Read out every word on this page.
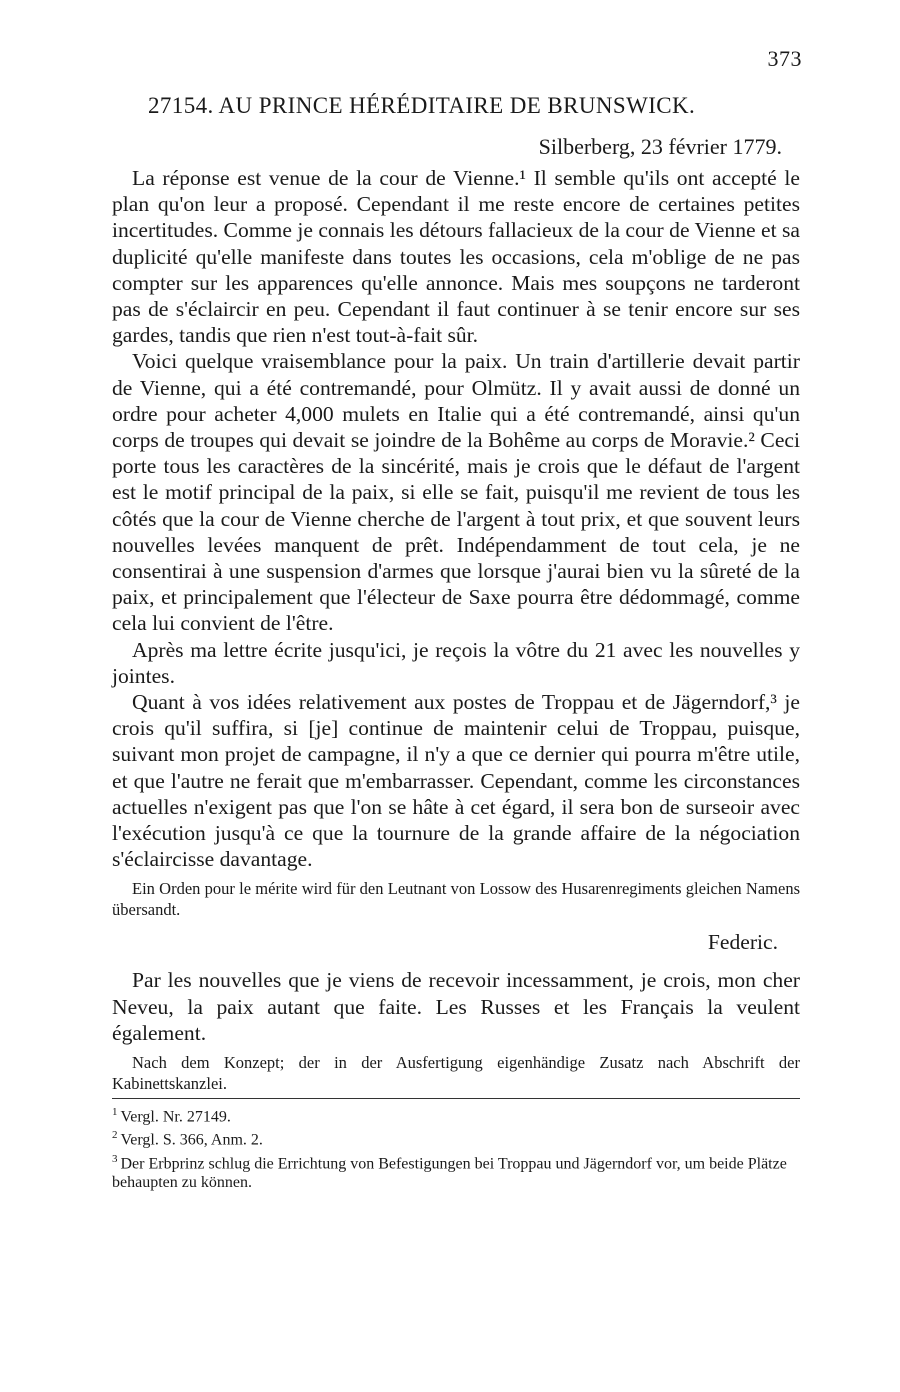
373
27154. AU PRINCE HÉRÉDITAIRE DE BRUNSWICK.
Silberberg, 23 février 1779.

La réponse est venue de la cour de Vienne.¹ Il semble qu'ils ont accepté le plan qu'on leur a proposé. Cependant il me reste encore de certaines petites incertitudes. Comme je connais les détours fallacieux de la cour de Vienne et sa duplicité qu'elle manifeste dans toutes les occasions, cela m'oblige de ne pas compter sur les apparences qu'elle annonce. Mais mes soupçons ne tarderont pas de s'éclaircir en peu. Cependant il faut continuer à se tenir encore sur ses gardes, tandis que rien n'est tout-à-fait sûr.

Voici quelque vraisemblance pour la paix. Un train d'artillerie devait partir de Vienne, qui a été contremandé, pour Olmütz. Il y avait aussi de donné un ordre pour acheter 4,000 mulets en Italie qui a été contremandé, ainsi qu'un corps de troupes qui devait se joindre de la Bohême au corps de Moravie.² Ceci porte tous les caractères de la sincérité, mais je crois que le défaut de l'argent est le motif principal de la paix, si elle se fait, puisqu'il me revient de tous les côtés que la cour de Vienne cherche de l'argent à tout prix, et que souvent leurs nouvelles levées manquent de prêt. Indépendamment de tout cela, je ne consentirai à une suspension d'armes que lorsque j'aurai bien vu la sûreté de la paix, et principalement que l'électeur de Saxe pourra être dédommagé, comme cela lui convient de l'être.

Après ma lettre écrite jusqu'ici, je reçois la vôtre du 21 avec les nouvelles y jointes.

Quant à vos idées relativement aux postes de Troppau et de Jägerndorf,³ je crois qu'il suffira, si [je] continue de maintenir celui de Troppau, puisque, suivant mon projet de campagne, il n'y a que ce dernier qui pourra m'être utile, et que l'autre ne ferait que m'embarrasser. Cependant, comme les circonstances actuelles n'exigent pas que l'on se hâte à cet égard, il sera bon de surseoir avec l'exécution jusqu'à ce que la tournure de la grande affaire de la négociation s'éclaircisse davantage.

Ein Orden pour le mérite wird für den Leutnant von Lossow des Husarenregiments gleichen Namens übersandt.

Federic.

Par les nouvelles que je viens de recevoir incessamment, je crois, mon cher Neveu, la paix autant que faite. Les Russes et les Français la veulent également.

Nach dem Konzept; der in der Ausfertigung eigenhändige Zusatz nach Abschrift der Kabinettskanzlei.

$^1$ Vergl. Nr. 27149.

$^2$ Vergl. S. 366, Anm. 2.

$^3$ Der Erbprinz schlug die Errichtung von Befestigungen bei Troppau und Jägerndorf vor, um beide Plätze behaupten zu können.
